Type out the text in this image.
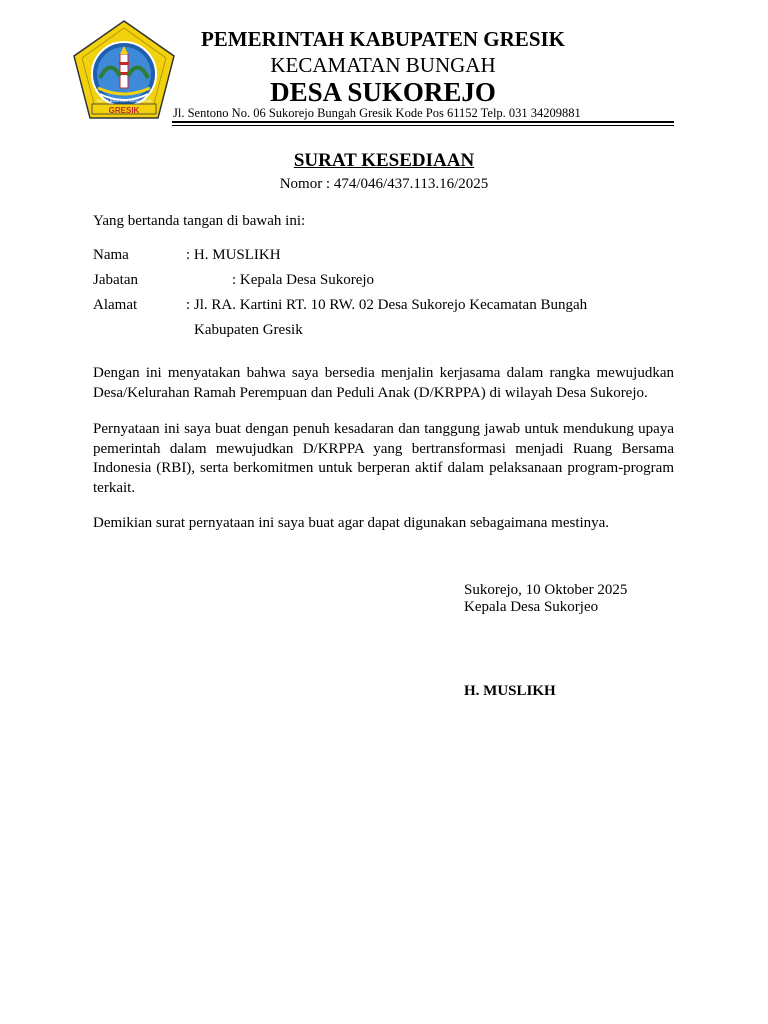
GRESIK
SATYA BINA KERTARAHARJA
PEMERINTAH KABUPATEN GRESIK
KECAMATAN BUNGAH
DESA SUKOREJO
Jl. Sentono No. 06 Sukorejo Bungah Gresik Kode Pos 61152 Telp. 031 34209881
SURAT KESEDIAAN
Nomor : 474/046/437.113.16/2025
Yang bertanda tangan di bawah ini:
Nama	: H. MUSLIKH
Jabatan	: Kepala Desa Sukorejo
Alamat	: Jl. RA. Kartini RT. 10 RW. 02 Desa Sukorejo Kecamatan Bungah
Kabupaten Gresik
Dengan ini menyatakan bahwa saya bersedia menjalin kerjasama dalam rangka mewujudkan Desa/Kelurahan Ramah Perempuan dan Peduli Anak (D/KRPPA) di wilayah Desa Sukorejo.
Pernyataan ini saya buat dengan penuh kesadaran dan tanggung jawab untuk mendukung upaya pemerintah dalam mewujudkan D/KRPPA yang bertransformasi menjadi Ruang Bersama Indonesia (RBI), serta berkomitmen untuk berperan aktif dalam pelaksanaan program-program terkait.
Demikian surat pernyataan ini saya buat agar dapat digunakan sebagaimana mestinya.
Sukorejo, 10 Oktober 2025
Kepala Desa Sukorjeo
H. MUSLIKH
